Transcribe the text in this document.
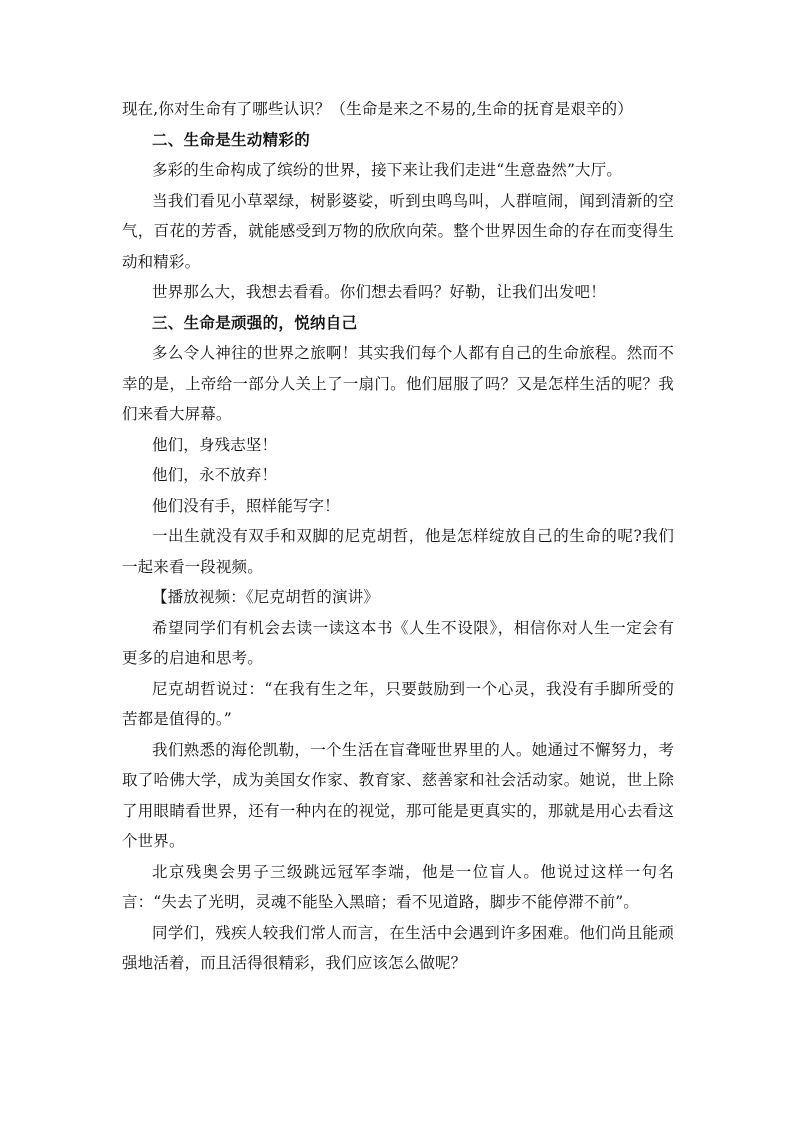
现在,你对生命有了哪些认识？（生命是来之不易的,生命的抚育是艰辛的）

二、生命是生动精彩的

多彩的生命构成了缤纷的世界，接下来让我们走进“生意盎然”大厅。

当我们看见小草翠绿，树影婆娑，听到虫鸣鸟叫，人群喧闹，闻到清新的空气，百花的芳香，就能感受到万物的欣欣向荣。整个世界因生命的存在而变得生动和精彩。

世界那么大，我想去看看。你们想去看吗？好勒，让我们出发吧！

三、生命是顽强的，悦纳自己

多么令人神往的世界之旅啊！其实我们每个人都有自己的生命旅程。然而不幸的是，上帝给一部分人关上了一扇门。他们屈服了吗？又是怎样生活的呢？我们来看大屏幕。

他们，身残志坚！

他们，永不放弃！

他们没有手，照样能写字！

一出生就没有双手和双脚的尼克胡哲，他是怎样绽放自己的生命的呢?我们一起来看一段视频。

【播放视频：《尼克胡哲的演讲》

希望同学们有机会去读一读这本书《人生不设限》，相信你对人生一定会有更多的启迪和思考。

尼克胡哲说过：“在我有生之年，只要鼓励到一个心灵，我没有手脚所受的苦都是值得的。”

我们熟悉的海伦凯勒，一个生活在盲聋哑世界里的人。她通过不懈努力，考取了哈佛大学，成为美国女作家、教育家、慈善家和社会活动家。她说，世上除了用眼睛看世界，还有一种内在的视觉，那可能是更真实的，那就是用心去看这个世界。

北京残奥会男子三级跳远冠军李端，他是一位盲人。他说过这样一句名言：“失去了光明，灵魂不能坠入黑暗；看不见道路，脚步不能停滞不前”。

同学们，残疾人较我们常人而言，在生活中会遇到许多困难。他们尚且能顽强地活着，而且活得很精彩，我们应该怎么做呢？
